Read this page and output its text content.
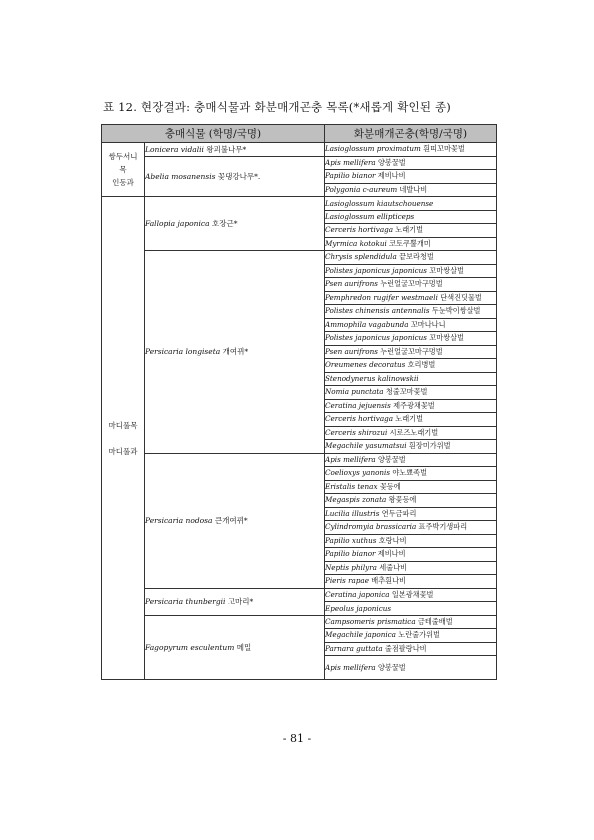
표 12. 현장결과: 충매식물과 화분매개곤충 목록(*새롭게 확인된 종)
충매식물 (학명/국명)		화분매개곤충(학명/국명)
쌍두서니
목
인동과	Lonicera vidalii 왕괴불나무*	Lasioglossum proximatum 흰띠꼬마꽃벌
	Abelia mosanensis 꽃댕강나무*.	Apis mellifera 양봉꿀벌
		Papilio bianor 제비나비
		Polygonia c-aureum 네발나비
마디풀목

마디풀과	Fallopia japonica 호장근*	Lasioglossum kiautschouense
		Lasioglossum ellipticeps
		Cerceris hortivaga 노래기벌
		Myrmica kotokui 코토쿠뿔개미
	Persicaria longiseta 개여뀌*	Chrysis splendidula 끝보라청벌
		Polistes japonicus japonicus 꼬마쌍살벌
		Psen aurifrons 누런얼굴꼬마구멍벌
		Pemphredon rugifer westmaeli 단색진딧물벌
		Polistes chinensis antennalis 두눈박이쌍살벌
		Ammophila vagabunda 꼬마나나니
		Polistes japonicus japonicus 꼬마쌍살벌
		Psen aurifrons 누런얼굴꼬마구멍벌
		Oreumenes decoratus 호리병벌
		Stenodynerus kalinowskii
		Nomia punctata 청줄꼬마꽃벌
		Ceratina jejuensis 제주광채꽃벌
		Cerceris hortivaga 노래기벌
		Cerceris shirozui 시로즈노래기벌
		Megachile yasumatsui 흰장미가위벌
	Persicaria nodosa 큰개여뀌*	Apis mellifera 양봉꿀벌
		Coelioxys yanonis 야노뾰족벌
		Eristalis tenax 꽃등에
		Megaspis zonata 왕꽃등에
		Lucilia illustris 연두금파리
		Cylindromyia brassicaria 표주박기생파리
		Papilio xuthus 호랑나비
		Papilio bianor 제비나비
		Neptis philyra 세줄나비
		Pieris rapae 배추흰나비
	Persicaria thunbergii 고마리*	Ceratina japonica 일본광채꽃벌
		Epeolus japonicus
	Fagopyrum esculentum 메밀	Campsomeris prismatica 금테줄배벌
		Megachile japonica 노란줄가위벌
		Parnara guttata 줄점팔랑나비
		Apis mellifera 양봉꿀벌
- 81 -
